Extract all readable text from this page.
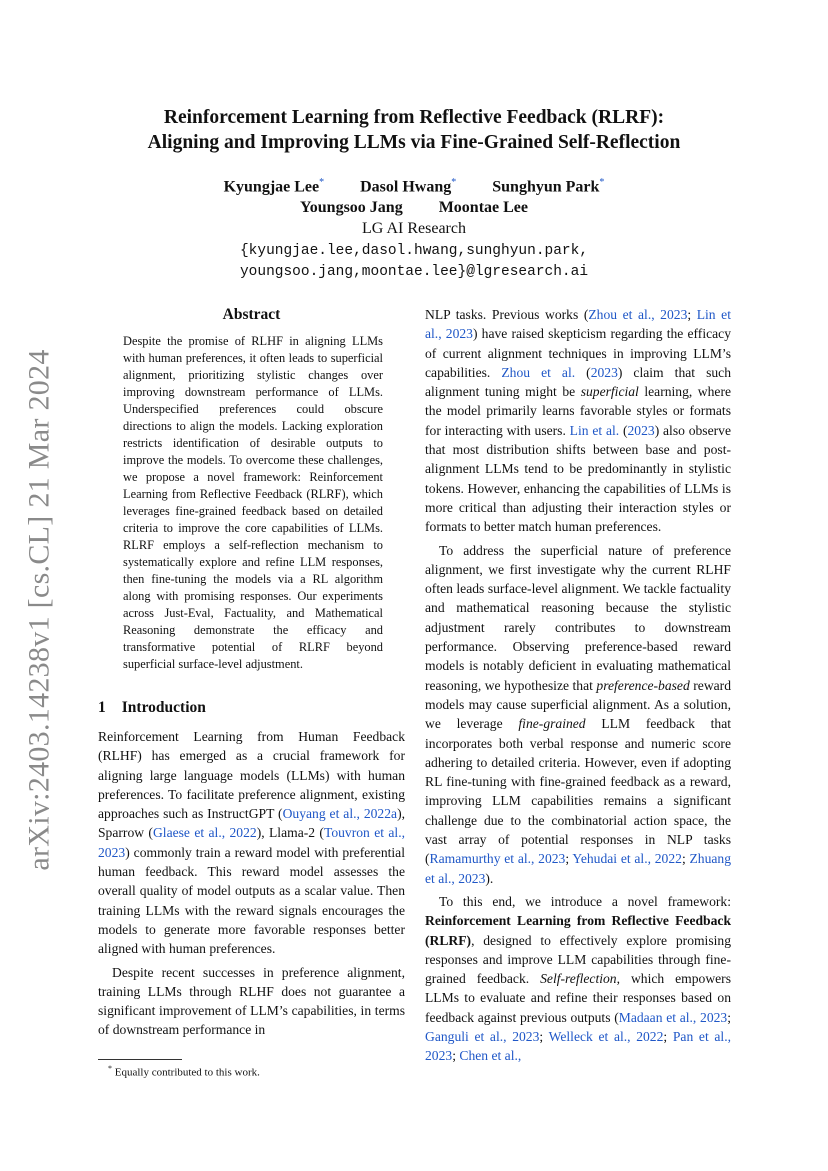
arXiv:2403.14238v1 [cs.CL] 21 Mar 2024
Reinforcement Learning from Reflective Feedback (RLRF):
Aligning and Improving LLMs via Fine-Grained Self-Reflection
Kyungjae Lee* Dasol Hwang* Sunghyun Park*
Youngsoo Jang Moontae Lee
LG AI Research
{kyungjae.lee,dasol.hwang,sunghyun.park,
youngsoo.jang,moontae.lee}@lgresearch.ai
Abstract
Despite the promise of RLHF in aligning LLMs with human preferences, it often leads to superficial alignment, prioritizing stylistic changes over improving downstream performance of LLMs. Underspecified preferences could obscure directions to align the models. Lacking exploration restricts identification of desirable outputs to improve the models. To overcome these challenges, we propose a novel framework: Reinforcement Learning from Reflective Feedback (RLRF), which leverages fine-grained feedback based on detailed criteria to improve the core capabilities of LLMs. RLRF employs a self-reflection mechanism to systematically explore and refine LLM responses, then fine-tuning the models via a RL algorithm along with promising responses. Our experiments across Just-Eval, Factuality, and Mathematical Reasoning demonstrate the efficacy and transformative potential of RLRF beyond superficial surface-level adjustment.
1 Introduction

Reinforcement Learning from Human Feedback (RLHF) has emerged as a crucial framework for aligning large language models (LLMs) with human preferences. To facilitate preference alignment, existing approaches such as InstructGPT (Ouyang et al., 2022a), Sparrow (Glaese et al., 2022), Llama-2 (Touvron et al., 2023) commonly train a reward model with preferential human feedback. This reward model assesses the overall quality of model outputs as a scalar value. Then training LLMs with the reward signals encourages the models to generate more favorable responses better aligned with human preferences.

Despite recent successes in preference alignment, training LLMs through RLHF does not guarantee a significant improvement of LLM’s capabilities, in terms of downstream performance in

NLP tasks. Previous works (Zhou et al., 2023; Lin et al., 2023) have raised skepticism regarding the efficacy of current alignment techniques in improving LLM’s capabilities. Zhou et al. (2023) claim that such alignment tuning might be superficial learning, where the model primarily learns favorable styles or formats for interacting with users. Lin et al. (2023) also observe that most distribution shifts between base and post-alignment LLMs tend to be predominantly in stylistic tokens. However, enhancing the capabilities of LLMs is more critical than adjusting their interaction styles or formats to better match human preferences.

To address the superficial nature of preference alignment, we first investigate why the current RLHF often leads surface-level alignment. We tackle factuality and mathematical reasoning because the stylistic adjustment rarely contributes to downstream performance. Observing preference-based reward models is notably deficient in evaluating mathematical reasoning, we hypothesize that preference-based reward models may cause superficial alignment. As a solution, we leverage fine-grained LLM feedback that incorporates both verbal response and numeric score adhering to detailed criteria. However, even if adopting RL fine-tuning with fine-grained feedback as a reward, improving LLM capabilities remains a significant challenge due to the combinatorial action space, the vast array of potential responses in NLP tasks (Ramamurthy et al., 2023; Yehudai et al., 2022; Zhuang et al., 2023).

To this end, we introduce a novel framework: Reinforcement Learning from Reflective Feedback (RLRF), designed to effectively explore promising responses and improve LLM capabilities through fine-grained feedback. Self-reflection, which empowers LLMs to evaluate and refine their responses based on feedback against previous outputs (Madaan et al., 2023; Ganguli et al., 2023; Welleck et al., 2022; Pan et al., 2023; Chen et al.,

* Equally contributed to this work.
